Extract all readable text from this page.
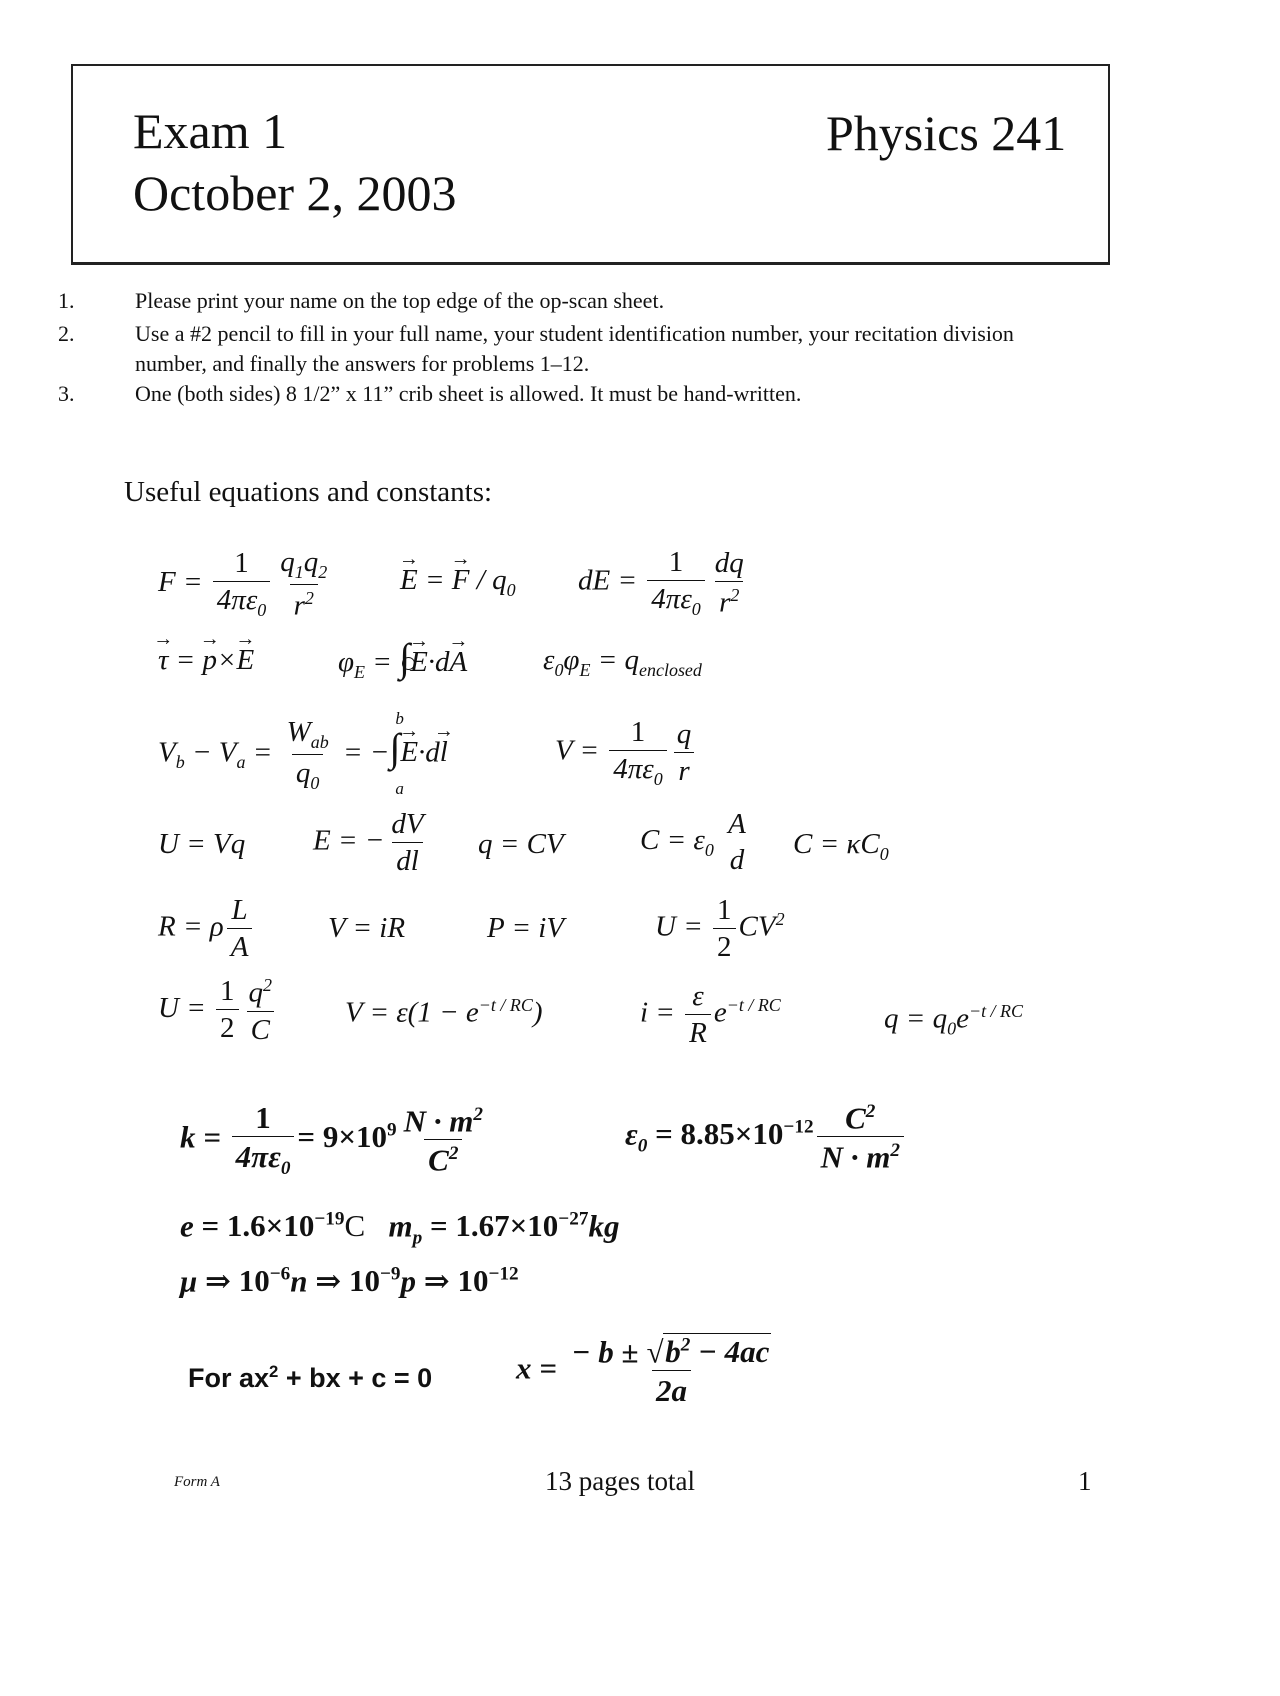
Exam 1
October 2, 2003
Physics 241
1.	Please print your name on the top edge of the op-scan sheet.
2.	Use a #2 pencil to fill in your full name, your student identification number, your recitation division number, and finally the answers for problems 1–12.
3.	One (both sides) 8 1/2” x 11” crib sheet is allowed. It must be hand-written.
Useful equations and constants:
$F = \frac{1}{4\pi\varepsilon_0} \frac{q_1q_2}{r^2}$ E → = F → / $q_0$ dE = $\frac{1}{4\pi\varepsilon_0} \frac{dq}{r^2}$
τ → = p →×E →	$\varphi_E = \int E \to\cdot dA$ →	$\varepsilon_0\varphi_E = q_{enclosed}$
$V_b - V_a = \frac{W_{ab}}{q_0}$ = −∫
b
a
E →·dl →	$V = \frac{1}{4\pi\varepsilon_0} \frac{q}{r}$
U = Vq E = − $\frac{dV}{dl}$ q = CV	$C = \varepsilon_0$
A
d $C = \kappa C_0$
R = ρ $\frac{L}{A}$	V = iR	P = iV	$U = \frac{1}{2} CV^2$
$U = \frac{1}{2} \frac{q^2}{C}$ $V = \varepsilon(1 - e^{-t / RC})$	$i = \frac{\varepsilon}{R} e^{-t / RC}$	$q = q_0e^{-t / RC}$
$k = \frac{1}{4\pi\varepsilon_0} = 9\times 10^9 \frac{N \cdot m^2}{C^2}$	$\varepsilon_0 = 8.85\times 10^{-12} \frac{C^2}{N \cdot m^2}$
$e = 1.6\times 10^{-19}C$   $m_p = 1.67\times 10^{-27}kg$
μ ⇒ $10^{-6}n$ ⇒ $10^{-9}p$ ⇒ $10^{-12}$
For $ax^2$ + bx + c = 0	$x = \frac{- b \pm √b^2 - 4ac}{2a}$
Form A	13 pages total	1
